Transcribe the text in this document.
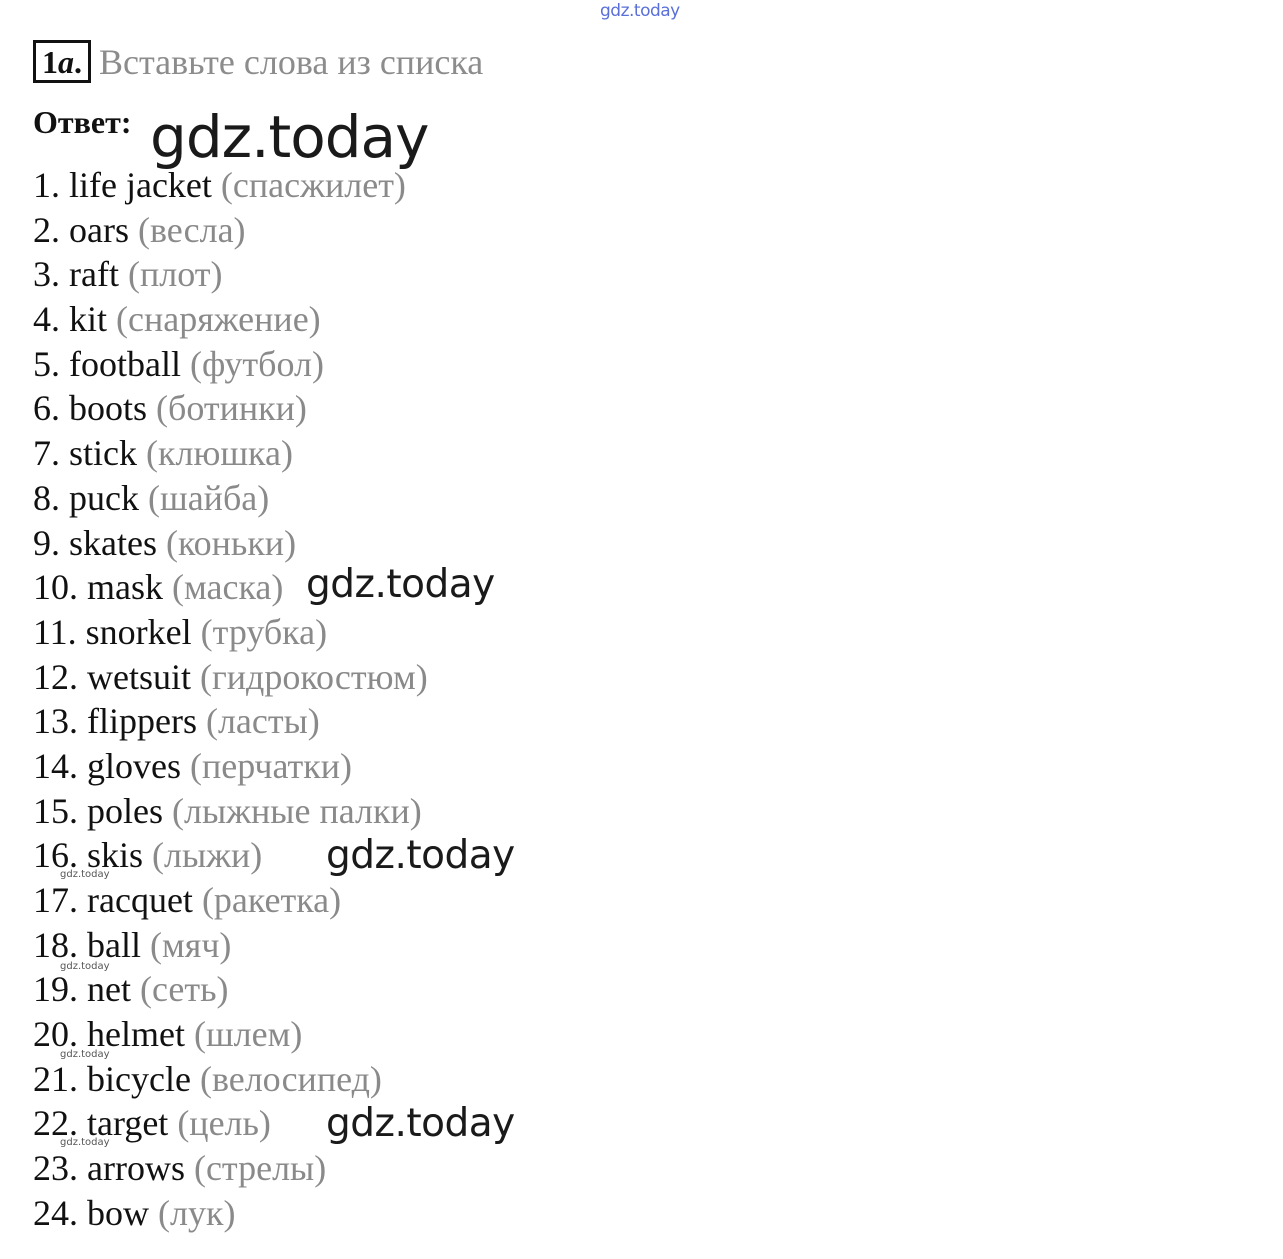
gdz.today
1a. Вставьте слова из списка
Ответ: gdz.today
1. life jacket (спасжилет)
2. oars (весла)
3. raft (плот)
4. kit (снаряжение)
5. football (футбол)
6. boots (ботинки)
7. stick (клюшка)
8. puck (шайба)
9. skates (коньки)
10. mask (маска)
11. snorkel (трубка)
12. wetsuit (гидрокостюм)
13. flippers (ласты)
14. gloves (перчатки)
15. poles (лыжные палки)
16. skis (лыжи)
17. racquet (ракетка)
18. ball (мяч)
19. net (сеть)
20. helmet (шлем)
21. bicycle (велосипед)
22. target (цель)
23. arrows (стрелы)
24. bow (лук)
gdz.today
gdz.today
gdz.today
gdz.today
gdz.today
gdz.today
gdz.today
